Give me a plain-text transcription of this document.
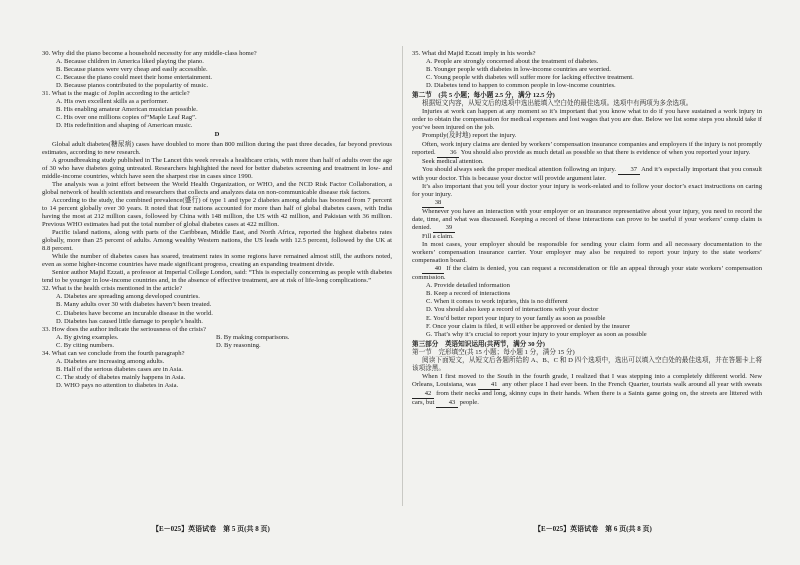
30. Why did the piano become a household necessity for any middle-class home?

A. Because children in America liked playing the piano.

B. Because pianos were very cheap and easily accessible.

C. Because the piano could meet their home entertainment.

D. Because pianos contributed to the popularity of music.

31. What is the magic of Joplin according to the article?

A. His own excellent skills as a performer.

B. His enabling amateur American musician possible.

C. His over one millions copies of“Maple Leaf Rag”.

D. His redefinition and shaping of American music.

D

Global adult diabetes(糖尿病) cases have doubled to more than 800 million during the past three decades, far beyond previous estimates, according to new research.

A groundbreaking study published in The Lancet this week reveals a healthcare crisis, with more than half of adults over the age of 30 who have diabetes going untreated. Researchers highlighted the need for better diabetes screening and treatment in low- and middle-income countries, which have seen the sharpest rise in cases since 1990.

The analysis was a joint effort between the World Health Organization, or WHO, and the NCD Risk Factor Collaboration, a global network of health scientists and researchers that collects and analyzes data on non-communicable disease risk factors.

According to the study, the combined prevalence(盛行) of type 1 and type 2 diabetes among adults has boomed from 7 percent to 14 percent globally over 30 years. It noted that four nations accounted for more than half of global diabetes cases, with India having the most at 212 million cases, followed by China with 148 million, the US with 42 million, and Pakistan with 36 million. Previous WHO estimates had put the total number of global diabetes cases at 422 million.

Pacific island nations, along with parts of the Caribbean, Middle East, and North Africa, reported the highest diabetes rates globally, more than 25 percent of adults. Among wealthy Western nations, the US leads with 12.5 percent, followed by the UK at 8.8 percent.

While the number of diabetes cases has soared, treatment rates in some regions have remained almost still, the authors noted, even as some higher-income countries have made significant progress, creating an expanding treatment divide.

Senior author Majid Ezzati, a professor at Imperial College London, said: “This is especially concerning as people with diabetes tend to be younger in low-income countries and, in the absence of effective treatment, are at risk of life-long complications.”

32. What is the health crisis mentioned in the article?

A. Diabetes are spreading among developed countries.

B. Many adults over 30 with diabetes haven’t been treated.

C. Diabetes have become an incurable disease in the world.

D. Diabetes has caused little damage to people’s health.

33. How does the author indicate the seriousness of the crisis?

A. By giving examples.	B. By making comparisons.
C. By citing numbers.	D. By reasoning.

34. What can we conclude from the fourth paragraph?

A. Diabetes are increasing among adults.

B. Half of the serious diabetes cases are in Asia.

C. The study of diabetes mainly happens in Asia.

D. WHO pays no attention to diabetes in Asia.

35. What did Majid Ezzati imply in his words?

A. People are strongly concerned about the treatment of diabetes.

B. Younger people with diabetes in low-income countries are worried.

C. Young people with diabetes will suffer more for lacking effective treatment.

D. Diabetes tend to happen to common people in low-income countries.

第二节　(共 5 小题；每小题 2.5 分，满分 12.5 分)

根据短文内容，从短文后的选项中选出能填入空白处的最佳选项。选项中有两项为多余选项。

Injuries at work can happen at any moment so it’s important that you know what to do if you have sustained a work injury in order to obtain the compensation for medical expenses and lost wages that you are due. Below we list some steps you should take if you’ve been injured on the job.

Promptly(及时地) report the injury.

Often, work injury claims are denied by workers’ compensation insurance companies and employers if the injury is not promptly reported. 36 You should also provide as much detail as possible so that there is evidence of when you reported your injury.

Seek medical attention.

You should always seek the proper medical attention following an injury. 37 And it’s especially important that you consult with your doctor. This is because your doctor will provide argument later.

It’s also important that you tell your doctor your injury is work-related and to follow your doctor’s exact instructions on caring for your injury.

38

Whenever you have an interaction with your employer or an insurance representative about your injury, you need to record the date, time, and what was discussed. Keeping a record of these interactions can prove to be useful if your workers’ comp claim is denied. 39

Fill a claim.

In most cases, your employer should be responsible for sending your claim form and all necessary documentation to the workers’ compensation insurance carrier. Your employer may also be required to report your injury to the state workers’ compensation board.

40 If the claim is denied, you can request a reconsideration or file an appeal through your state workers’ compensation commission.

A. Provide detailed information

B. Keep a record of interactions

C. When it comes to work injuries, this is no different

D. You should also keep a record of interactions with your doctor

E. You’d better report your injury to your family as soon as possible

F. Once your claim is filed, it will either be approved or denied by the insurer

G. That’s why it’s crucial to report your injury to your employer as soon as possible

第三部分　英语知识运用(共两节，满分 30 分)

第一节　完形填空(共 15 小题；每小题 1 分，满分 15 分)

阅读下面短文，从短文后各题所给的 A、B、C 和 D 四个选项中，选出可以填入空白处的最佳选项，并在答题卡上将该项涂黑。

When I first moved to the South in the fourth grade, I realized that I was stepping into a completely different world. New Orleans, Louisiana, was 41 any other place I had ever been. In the French Quarter, tourists walk around all year with sweats 42 from their necks and long, skinny cups in their hands. When there is a Saints game going on, the streets are littered with cars, but 43 people.

【E－025】英语试卷　第 5 页(共 8 页)	【E－025】英语试卷　第 6 页(共 8 页)
